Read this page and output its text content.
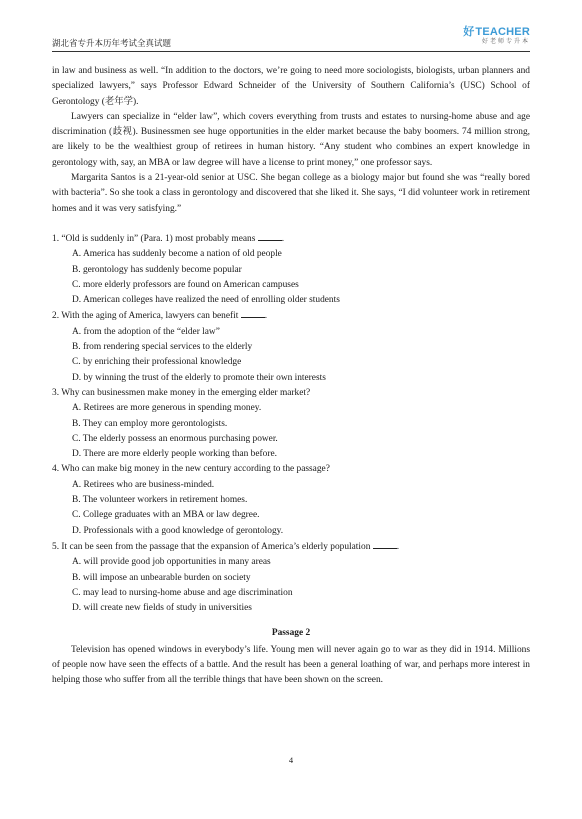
湖北省专升本历年考试全真试题
好TEACHER
好老师专升本

in law and business as well. “In addition to the doctors, we’re going to need more sociologists, biologists, urban planners and specialized lawyers,” says Professor Edward Schneider of the University of Southern California’s (USC) School of Gerontology (老年学).

Lawyers can specialize in “elder law”, which covers everything from trusts and estates to nursing-home abuse and age discrimination (歧视). Businessmen see huge opportunities in the elder market because the baby boomers. 74 million strong, are likely to be the wealthiest group of retirees in human history. “Any student who combines an expert knowledge in gerontology with, say, an MBA or law degree will have a license to print money,” one professor says.

Margarita Santos is a 21-year-old senior at USC. She began college as a biology major but found she was “really bored with bacteria”. So she took a class in gerontology and discovered that she liked it. She says, “I did volunteer work in retirement homes and it was very satisfying.”

1. “Old is suddenly in” (Para. 1) most probably means	.

A. America has suddenly become a nation of old people

B. gerontology has suddenly become popular

C. more elderly professors are found on American campuses

D. American colleges have realized the need of enrolling older students

2. With the aging of America, lawyers can benefit	.

A. from the adoption of the “elder law”

B. from rendering special services to the elderly

C. by enriching their professional knowledge

D. by winning the trust of the elderly to promote their own interests

3. Why can businessmen make money in the emerging elder market?

A. Retirees are more generous in spending money.

B. They can employ more gerontologists.

C. The elderly possess an enormous purchasing power.

D. There are more elderly people working than before.

4. Who can make big money in the new century according to the passage?

A. Retirees who are business-minded.

B. The volunteer workers in retirement homes.

C. College graduates with an MBA or law degree.

D. Professionals with a good knowledge of gerontology.

5. It can be seen from the passage that the expansion of America’s elderly population	.

A. will provide good job opportunities in many areas

B. will impose an unbearable burden on society

C. may lead to nursing-home abuse and age discrimination

D. will create new fields of study in universities

Passage 2

Television has opened windows in everybody’s life. Young men will never again go to war as they did in 1914. Millions of people now have seen the effects of a battle. And the result has been a general loathing of war, and perhaps more interest in helping those who suffer from all the terrible things that have been shown on the screen.

4
